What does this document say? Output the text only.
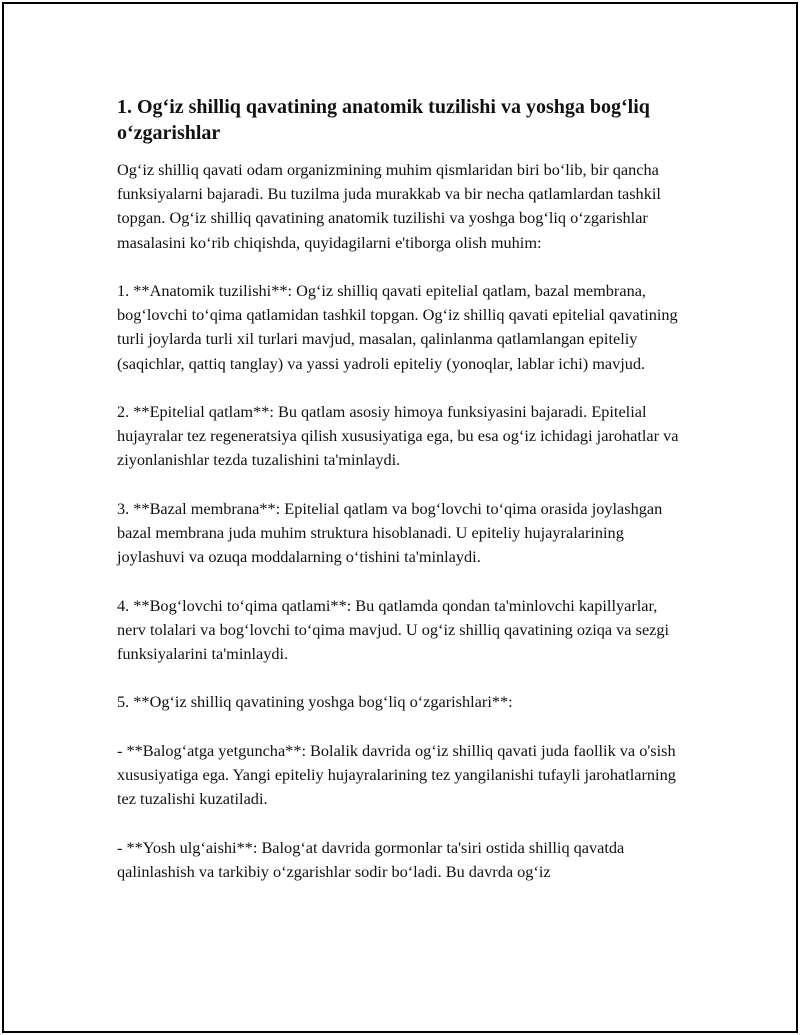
1. Og‘iz shilliq qavatining anatomik tuzilishi va yoshga bog‘liq o‘zgarishlar

Og‘iz shilliq qavati odam organizmining muhim qismlaridan biri bo‘lib, bir qancha funksiyalarni bajaradi. Bu tuzilma juda murakkab va bir necha qatlamlardan tashkil topgan. Og‘iz shilliq qavatining anatomik tuzilishi va yoshga bog‘liq o‘zgarishlar masalasini ko‘rib chiqishda, quyidagilarni e'tiborga olish muhim:

1. **Anatomik tuzilishi**: Og‘iz shilliq qavati epitelial qatlam, bazal membrana, bog‘lovchi to‘qima qatlamidan tashkil topgan. Og‘iz shilliq qavati epitelial qavatining turli joylarda turli xil turlari mavjud, masalan, qalinlanma qatlamlangan epiteliy (saqichlar, qattiq tanglay) va yassi yadroli epiteliy (yonoqlar, lablar ichi) mavjud.

2. **Epitelial qatlam**: Bu qatlam asosiy himoya funksiyasini bajaradi. Epitelial hujayralar tez regeneratsiya qilish xususiyatiga ega, bu esa og‘iz ichidagi jarohatlar va ziyonlanishlar tezda tuzalishini ta'minlaydi.

3. **Bazal membrana**: Epitelial qatlam va bog‘lovchi to‘qima orasida joylashgan bazal membrana juda muhim struktura hisoblanadi. U epiteliy hujayralarining joylashuvi va ozuqa moddalarning o‘tishini ta'minlaydi.

4. **Bog‘lovchi to‘qima qatlami**: Bu qatlamda qondan ta'minlovchi kapillyarlar, nerv tolalari va bog‘lovchi to‘qima mavjud. U og‘iz shilliq qavatining oziqa va sezgi funksiyalarini ta'minlaydi.

5. **Og‘iz shilliq qavatining yoshga bog‘liq o‘zgarishlari**:

- **Balog‘atga yetguncha**: Bolalik davrida og‘iz shilliq qavati juda faollik va o'sish xususiyatiga ega. Yangi epiteliy hujayralarining tez yangilanishi tufayli jarohatlarning tez tuzalishi kuzatiladi.

- **Yosh ulg‘aishi**: Balog‘at davrida gormonlar ta'siri ostida shilliq qavatda qalinlashish va tarkibiy o‘zgarishlar sodir bo‘ladi. Bu davrda og‘iz
